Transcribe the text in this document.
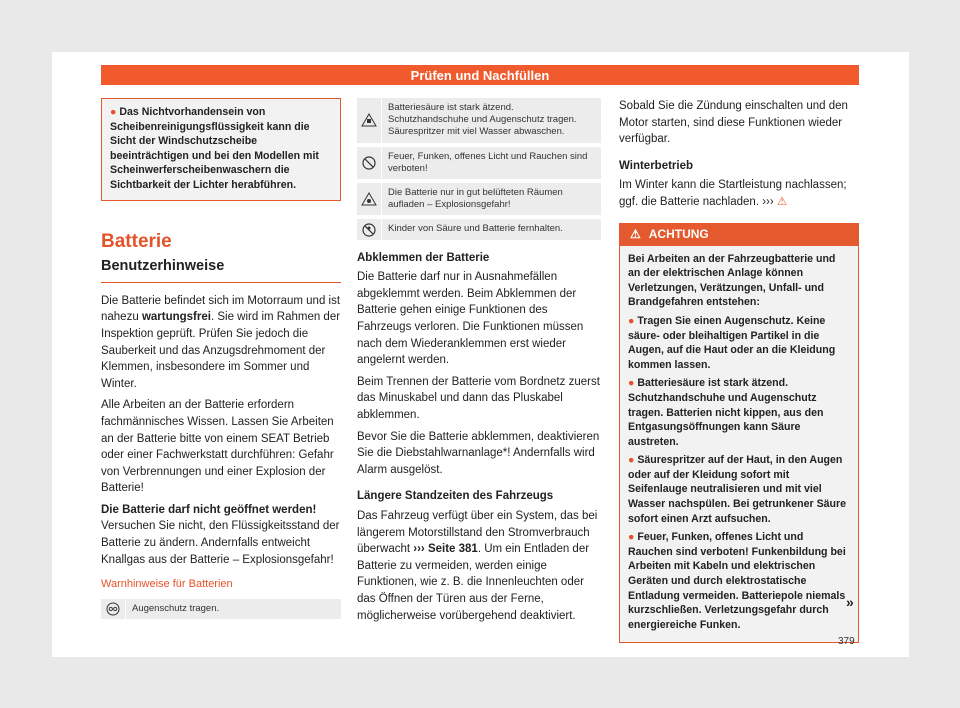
Prüfen und Nachfüllen
● Das Nichtvorhandensein von Scheibenreinigungsflüssigkeit kann die Sicht der Windschutzscheibe beeinträchtigen und bei den Modellen mit Scheinwerferscheibenwaschern die Sichtbarkeit der Lichter herabführen.
Batterie
Benutzerhinweise

Die Batterie befindet sich im Motorraum und ist nahezu wartungsfrei. Sie wird im Rahmen der Inspektion geprüft. Prüfen Sie jedoch die Sauberkeit und das Anzugsdrehmoment der Klemmen, insbesondere im Sommer und Winter.

Alle Arbeiten an der Batterie erfordern fachmännisches Wissen. Lassen Sie Arbeiten an der Batterie bitte von einem SEAT Betrieb oder einer Fachwerkstatt durchführen: Gefahr von Verbrennungen und einer Explosion der Batterie!

Die Batterie darf nicht geöffnet werden! Versuchen Sie nicht, den Flüssigkeitsstand der Batterie zu ändern. Andernfalls entweicht Knallgas aus der Batterie – Explosionsgefahr!

Warnhinweise für Batterien
Augenschutz tragen.
Batteriesäure ist stark ätzend. Schutzhandschuhe und Augenschutz tragen. Säurespritzer mit viel Wasser abwaschen.
Feuer, Funken, offenes Licht und Rauchen sind verboten!
Die Batterie nur in gut belüfteten Räumen aufladen – Explosionsgefahr!
Kinder von Säure und Batterie fernhalten.
Abklemmen der Batterie

Die Batterie darf nur in Ausnahmefällen abgeklemmt werden. Beim Abklemmen der Batterie gehen einige Funktionen des Fahrzeugs verloren. Die Funktionen müssen nach dem Wiederanklemmen erst wieder angelernt werden.

Beim Trennen der Batterie vom Bordnetz zuerst das Minuskabel und dann das Pluskabel abklemmen.

Bevor Sie die Batterie abklemmen, deaktivieren Sie die Diebstahlwarnanlage*! Andernfalls wird Alarm ausgelöst.

Längere Standzeiten des Fahrzeugs

Das Fahrzeug verfügt über ein System, das bei längerem Motorstillstand den Stromverbrauch überwacht ››› Seite 381. Um ein Entladen der Batterie zu vermeiden, werden einige Funktionen, wie z. B. die Innenleuchten oder das Öffnen der Türen aus der Ferne, möglicherweise vorübergehend deaktiviert.

Sobald Sie die Zündung einschalten und den Motor starten, sind diese Funktionen wieder verfügbar.

Winterbetrieb

Im Winter kann die Startleistung nachlassen; ggf. die Batterie nachladen. ››› ⚠

⚠ ACHTUNG

Bei Arbeiten an der Fahrzeugbatterie und an der elektrischen Anlage können Verletzungen, Verätzungen, Unfall- und Brandgefahren entstehen:

● Tragen Sie einen Augenschutz. Keine säure- oder bleihaltigen Partikel in die Augen, auf die Haut oder an die Kleidung kommen lassen.

● Batteriesäure ist stark ätzend. Schutzhandschuhe und Augenschutz tragen. Batterien nicht kippen, aus den Entgasungsöffnungen kann Säure austreten.

● Säurespritzer auf der Haut, in den Augen oder auf der Kleidung sofort mit Seifenlauge neutralisieren und mit viel Wasser nachspülen. Bei getrunkener Säure sofort einen Arzt aufsuchen.

● Feuer, Funken, offenes Licht und Rauchen sind verboten! Funkenbildung bei Arbeiten mit Kabeln und elektrischen Geräten und durch elektrostatische Entladung vermeiden. Batteriepole niemals kurzschließen. Verletzungsgefahr durch energiereiche Funken.

»
379
